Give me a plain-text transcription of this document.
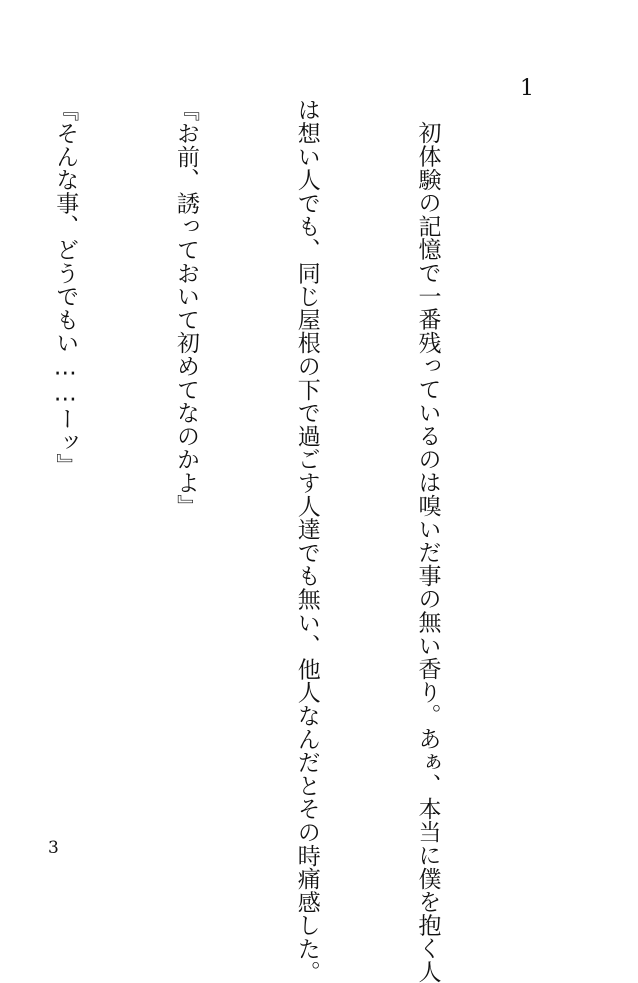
1

初体験の記憶で一番残っているのは嗅いだ事の無い香り。あぁ、本当に僕を抱く人

は想い人でも、同じ屋根の下で過ごす人達でも無い、他人なんだとその時痛感した。

『お前、誘っておいて初めてなのかよ』

『そんな事、どうでもい……ーッ』

3
